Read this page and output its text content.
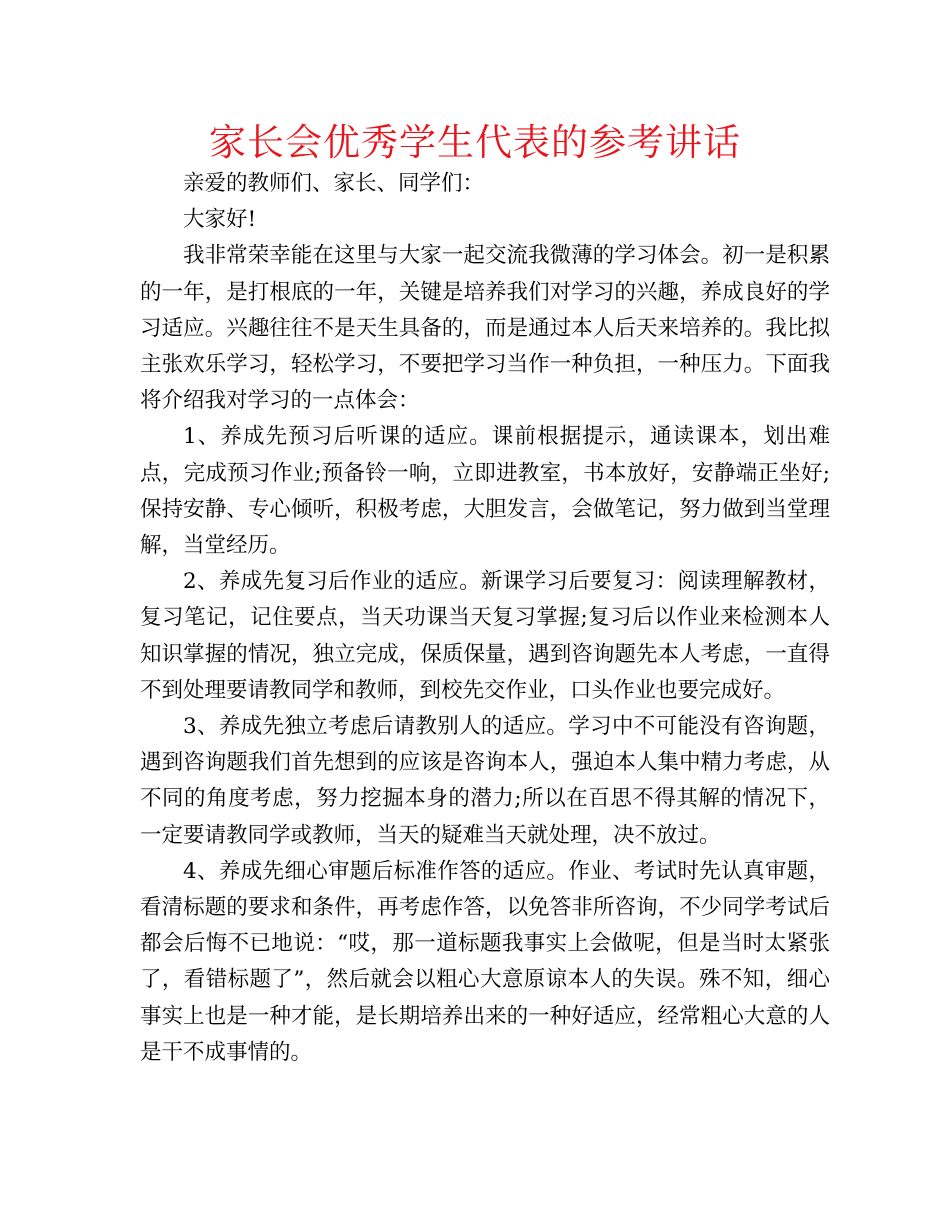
家长会优秀学生代表的参考讲话

亲爱的教师们、家长、同学们：

大家好!

我非常荣幸能在这里与大家一起交流我微薄的学习体会。初一是积累的一年，是打根底的一年，关键是培养我们对学习的兴趣，养成良好的学习适应。兴趣往往不是天生具备的，而是通过本人后天来培养的。我比拟主张欢乐学习，轻松学习，不要把学习当作一种负担，一种压力。下面我将介绍我对学习的一点体会：

1、养成先预习后听课的适应。课前根据提示，通读课本，划出难点，完成预习作业;预备铃一响，立即进教室，书本放好，安静端正坐好;保持安静、专心倾听，积极考虑，大胆发言，会做笔记，努力做到当堂理解，当堂经历。

2、养成先复习后作业的适应。新课学习后要复习：阅读理解教材，复习笔记，记住要点，当天功课当天复习掌握;复习后以作业来检测本人知识掌握的情况，独立完成，保质保量，遇到咨询题先本人考虑，一直得不到处理要请教同学和教师，到校先交作业，口头作业也要完成好。

3、养成先独立考虑后请教别人的适应。学习中不可能没有咨询题，遇到咨询题我们首先想到的应该是咨询本人，强迫本人集中精力考虑，从不同的角度考虑，努力挖掘本身的潜力;所以在百思不得其解的情况下，一定要请教同学或教师，当天的疑难当天就处理，决不放过。

4、养成先细心审题后标准作答的适应。作业、考试时先认真审题，看清标题的要求和条件，再考虑作答，以免答非所咨询，不少同学考试后都会后悔不已地说：“哎，那一道标题我事实上会做呢，但是当时太紧张了，看错标题了”，然后就会以粗心大意原谅本人的失误。殊不知，细心事实上也是一种才能，是长期培养出来的一种好适应，经常粗心大意的人是干不成事情的。
